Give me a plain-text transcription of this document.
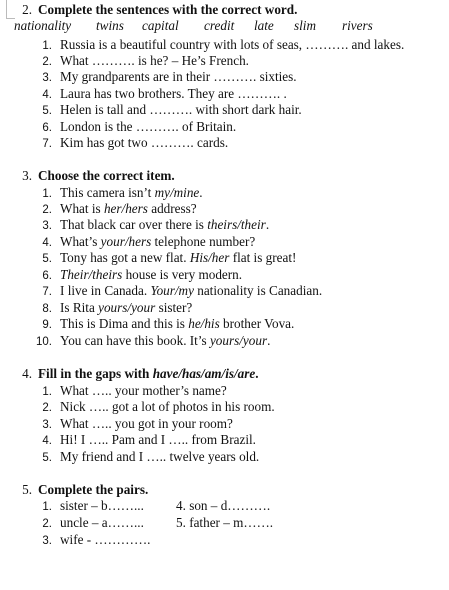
2. Complete the sentences with the correct word.
nationality twins capital credit late slim rivers
1. Russia is a beautiful country with lots of seas, ………. and lakes.
2. What ………. is he? – He’s French.
3. My grandparents are in their ………. sixties.
4. Laura has two brothers. They are ………. .
5. Helen is tall and ………. with short dark hair.
6. London is the ………. of Britain.
7. Kim has got two ………. cards.
3. Choose the correct item.
1. This camera isn’t my/mine.
2. What is her/hers address?
3. That black car over there is theirs/their.
4. What’s your/hers telephone number?
5. Tony has got a new flat. His/her flat is great!
6. Their/theirs house is very modern.
7. I live in Canada. Your/my nationality is Canadian.
8. Is Rita yours/your sister?
9. This is Dima and this is he/his brother Vova.
10. You can have this book. It’s yours/your.
4. Fill in the gaps with have/has/am/is/are.
1. What ….. your mother’s name?
2. Nick ….. got a lot of photos in his room.
3. What ….. you got in your room?
4. Hi! I ….. Pam and I ….. from Brazil.
5. My friend and I ….. twelve years old.
5. Complete the pairs.
1. sister – b……... 4. son – d……….
2. uncle – a……... 5. father – m…….
3. wife - ………….
